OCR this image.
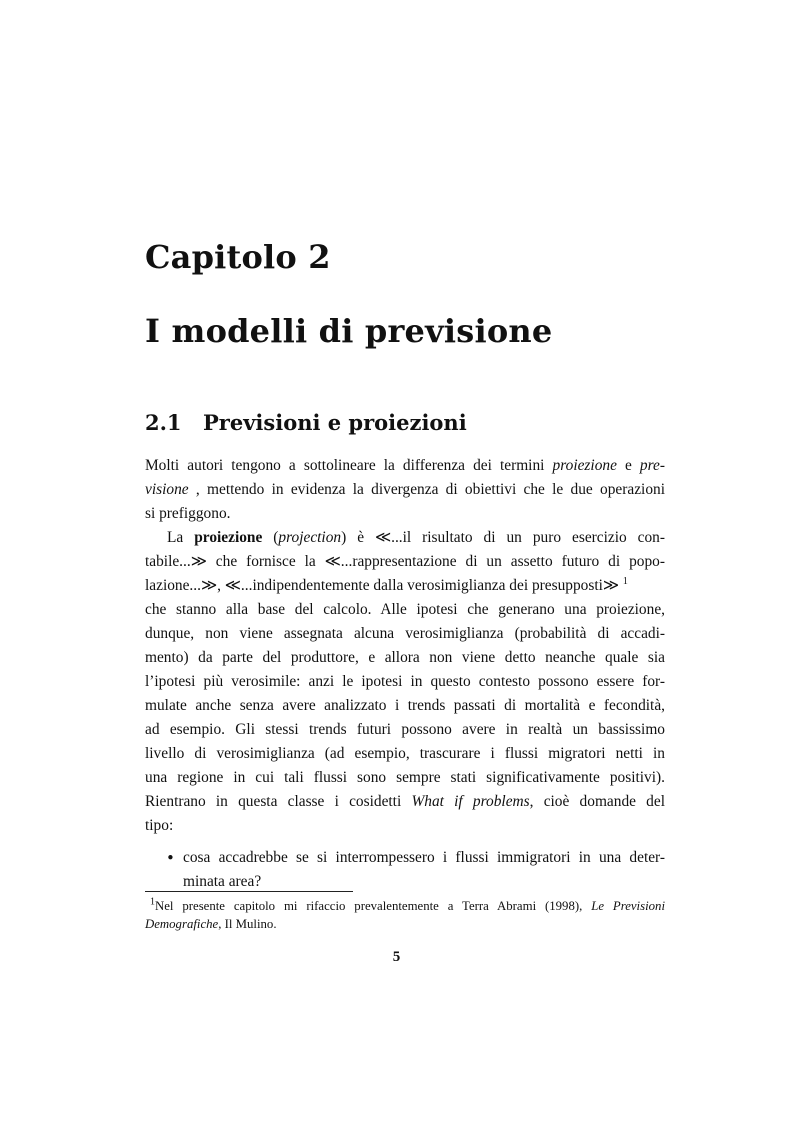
Capitolo 2
I modelli di previsione
2.1 Previsioni e proiezioni
Molti autori tengono a sottolineare la differenza dei termini proiezione e pre-
visione , mettendo in evidenza la divergenza di obiettivi che le due operazioni
si prefiggono.
La proiezione (projection) è ≪...il risultato di un puro esercizio con-
tabile...≫ che fornisce la ≪...rappresentazione di un assetto futuro di popo-
lazione...≫, ≪...indipendentemente dalla verosimiglianza dei presupposti≫ $^1$
che stanno alla base del calcolo. Alle ipotesi che generano una proiezione,
dunque, non viene assegnata alcuna verosimiglianza (probabilità di accadi-
mento) da parte del produttore, e allora non viene detto neanche quale sia
l’ipotesi più verosimile: anzi le ipotesi in questo contesto possono essere for-
mulate anche senza avere analizzato i trends passati di mortalità e fecondità,
ad esempio. Gli stessi trends futuri possono avere in realtà un bassissimo
livello di verosimiglianza (ad esempio, trascurare i flussi migratori netti in
una regione in cui tali flussi sono sempre stati significativamente positivi).
Rientrano in questa classe i cosidetti What if problems, cioè domande del
tipo:
• cosa accadrebbe se si interrompessero i flussi immigratori in una deter-
minata area?
$^1$Nel presente capitolo mi rifaccio prevalentemente a Terra Abrami (1998), Le Previsioni
Demografiche, Il Mulino.
5
